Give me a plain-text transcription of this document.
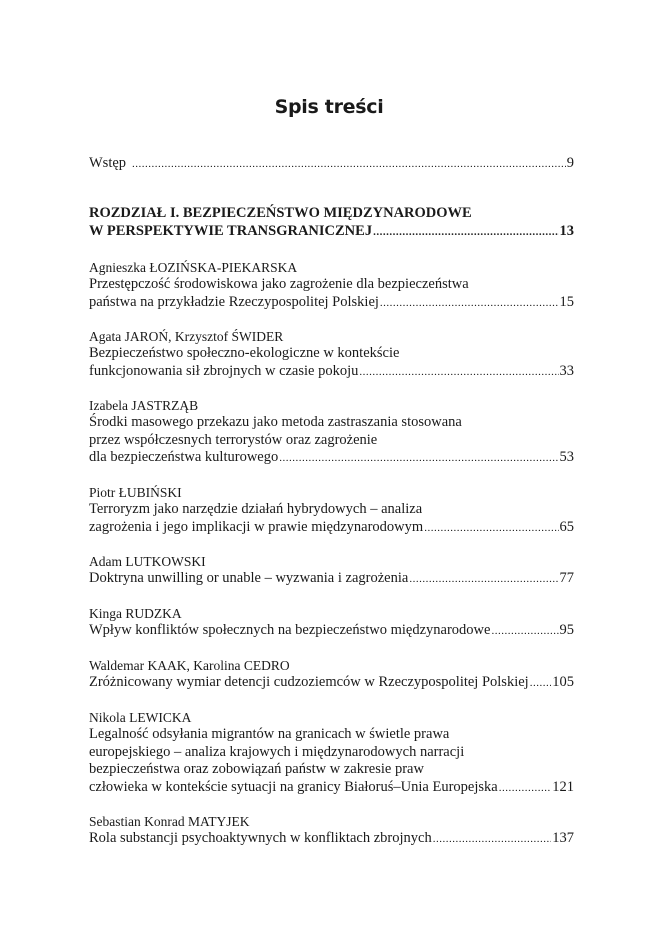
Spis treści
Wstęp .....	9
ROZDZIAŁ I. BEZPIECZEŃSTWO MIĘDZYNARODOWE
W PERSPEKTYWIE TRANSGRANICZNEJ .....	13
Agnieszka ŁOZIŃSKA-PIEKARSKA
Przestępczość środowiskowa jako zagrożenie dla bezpieczeństwa
państwa na przykładzie Rzeczypospolitej Polskiej .....	15
Agata JAROŃ, Krzysztof ŚWIDER
Bezpieczeństwo społeczno-ekologiczne w kontekście
funkcjonowania sił zbrojnych w czasie pokoju .....	33
Izabela JASTRZĄB
Środki masowego przekazu jako metoda zastraszania stosowana
przez współczesnych terrorystów oraz zagrożenie
dla bezpieczeństwa kulturowego .....	53
Piotr ŁUBIŃSKI
Terroryzm jako narzędzie działań hybrydowych – analiza
zagrożenia i jego implikacji w prawie międzynarodowym .....	65
Adam LUTKOWSKI
Doktryna unwilling or unable – wyzwania i zagrożenia .....	77
Kinga RUDZKA
Wpływ konfliktów społecznych na bezpieczeństwo międzynarodowe .....	95
Waldemar KAAK, Karolina CEDRO
Zróżnicowany wymiar detencji cudzoziemców w Rzeczypospolitej Polskiej ..... 105
Nikola LEWICKA
Legalność odsyłania migrantów na granicach w świetle prawa
europejskiego – analiza krajowych i międzynarodowych narracji
bezpieczeństwa oraz zobowiązań państw w zakresie praw
człowieka w kontekście sytuacji na granicy Białoruś–Unia Europejska .....	121
Sebastian Konrad MATYJEK
Rola substancji psychoaktywnych w konfliktach zbrojnych .....	137
